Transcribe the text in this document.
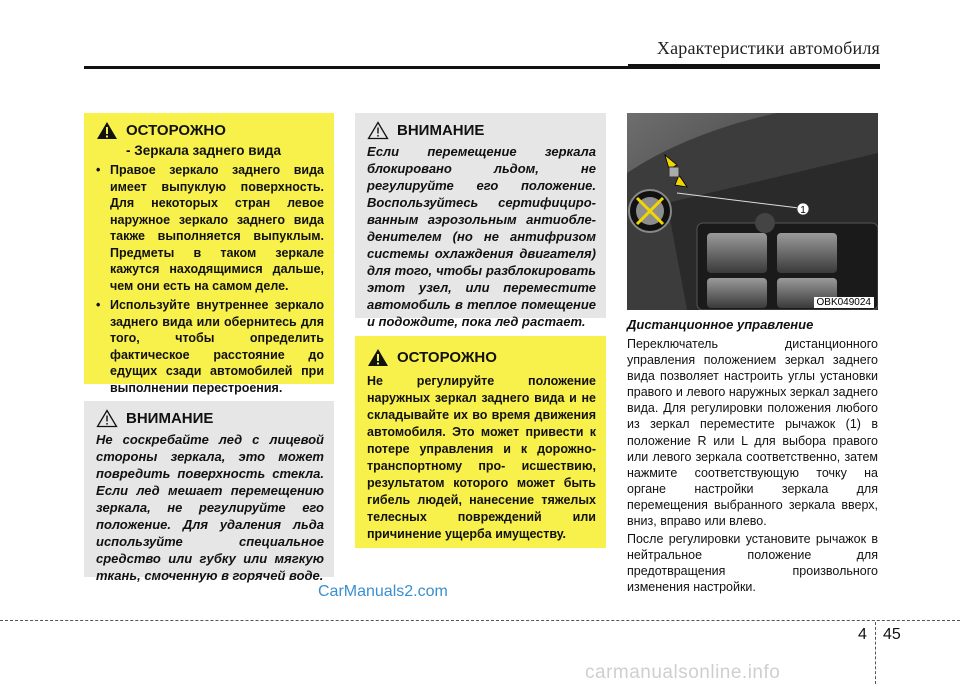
Характеристики автомобиля
ОСТОРОЖНО
- Зеркала заднего вида
• Правое зеркало заднего вида имеет выпуклую поверхность. Для некоторых стран левое наружное зеркало заднего вида также выполняется выпуклым. Предметы в таком зеркале кажутся находящимися дальше, чем они есть на самом деле.
• Используйте внутреннее зеркало заднего вида или обернитесь для того, чтобы определить фактическое расстояние до едущих сзади автомобилей при выполнении перестроения.
ВНИМАНИЕ
Не соскребайте лед с лицевой стороны зеркала, это может повредить поверхность стекла. Если лед мешает перемещению зеркала, не регулируйте его положение. Для удаления льда используйте специальное средство или губку или мягкую ткань, смоченную в горячей воде.
ВНИМАНИЕ
Если перемещение зеркала блокировано льдом, не регулируйте его положение. Воспользуйтесь сертифициро- ванным аэрозольным антиобле- денителем (но не антифризом системы охлаждения двигателя) для того, чтобы разблокировать этот узел, или переместите автомобиль в теплое помещение и подождите, пока лед растает.
ОСТОРОЖНО
Не регулируйте положение наружных зеркал заднего вида и не складывайте их во время движения автомобиля. Это может привести к потере управления и к дорожно-транспортному про- исшествию, результатом которого может быть гибель людей, нанесение тяжелых телесных повреждений или причинение ущерба имуществу.
1
OBK049024
Дистанционное управление
Переключатель дистанционного управления положением зеркал заднего вида позволяет настроить углы установки правого и левого наружных зеркал заднего вида. Для регулировки положения любого из зеркал переместите рычажок (1) в положение R или L для выбора правого или левого зеркала соответственно, затем нажмите соответствующую точку на органе настройки зеркала для перемещения выбранного зеркала вверх, вниз, вправо или влево.
После регулировки установите рычажок в нейтральное положение для предотвращения произвольного изменения настройки.
CarManuals2.com
4 45
carmanualsonline.info
